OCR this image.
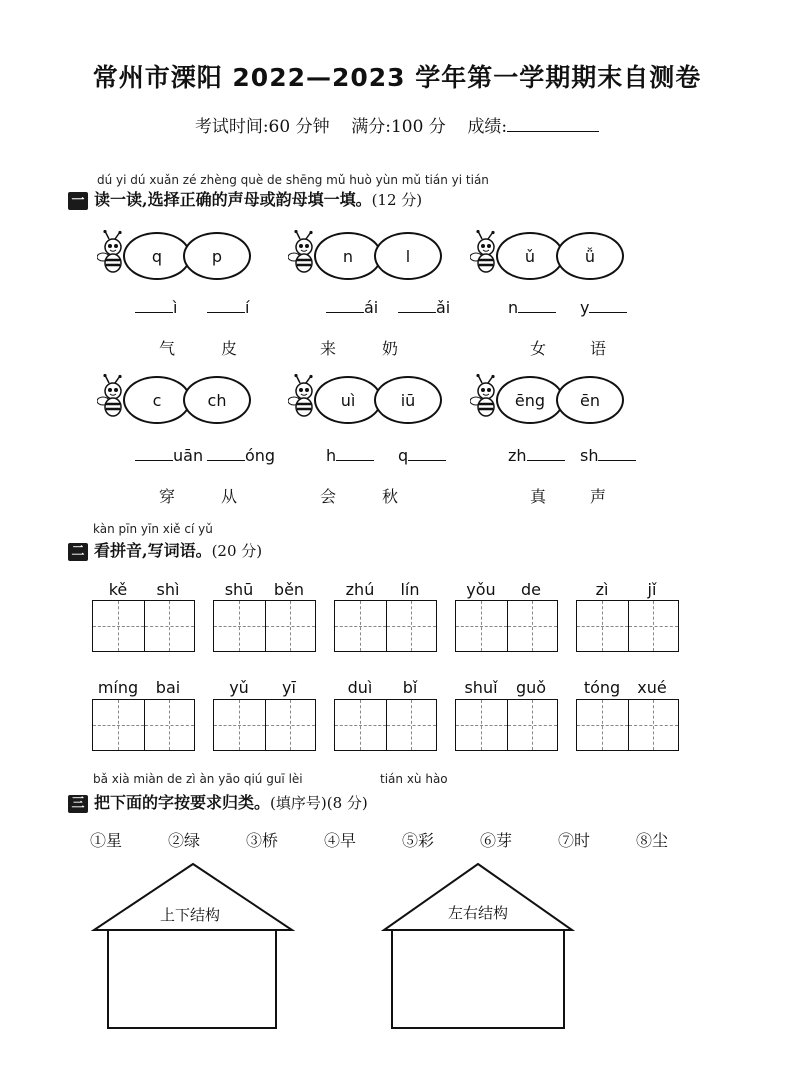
常州市溧阳 2022—2023 学年第一学期期末自测卷
考试时间:60 分钟 满分:100 分 成绩:
dú yi dú xuǎn zé zhèng què de shēng mǔ huò yùn mǔ tián yi tián
一 读一读,选择正确的声母或韵母填一填。(12 分)
q	p
ì	í
气	皮
n	l
ái	ǎi
来	奶
ǔ	ǚ
n	y
女	语
c	ch
uān	óng
穿	从
uì	iū
h	q
会	秋
ēng	ēn
zh	sh
真	声
kàn pīn yīn xiě cí yǔ
二 看拼音,写词语。(20 分)
kě	shì	shū	běn	zhú	lín	yǒu	de	zì	jǐ
míng	bai	yǔ	yī	duì	bǐ	shuǐ	guǒ	tóng	xué
bǎ xià miàn de zì àn yāo qiú guī lèi	tián xù hào
三 把下面的字按要求归类。(填序号)(8 分)
①星	②绿	③桥	④早	⑤彩	⑥芽	⑦时	⑧尘
上下结构	左右结构
